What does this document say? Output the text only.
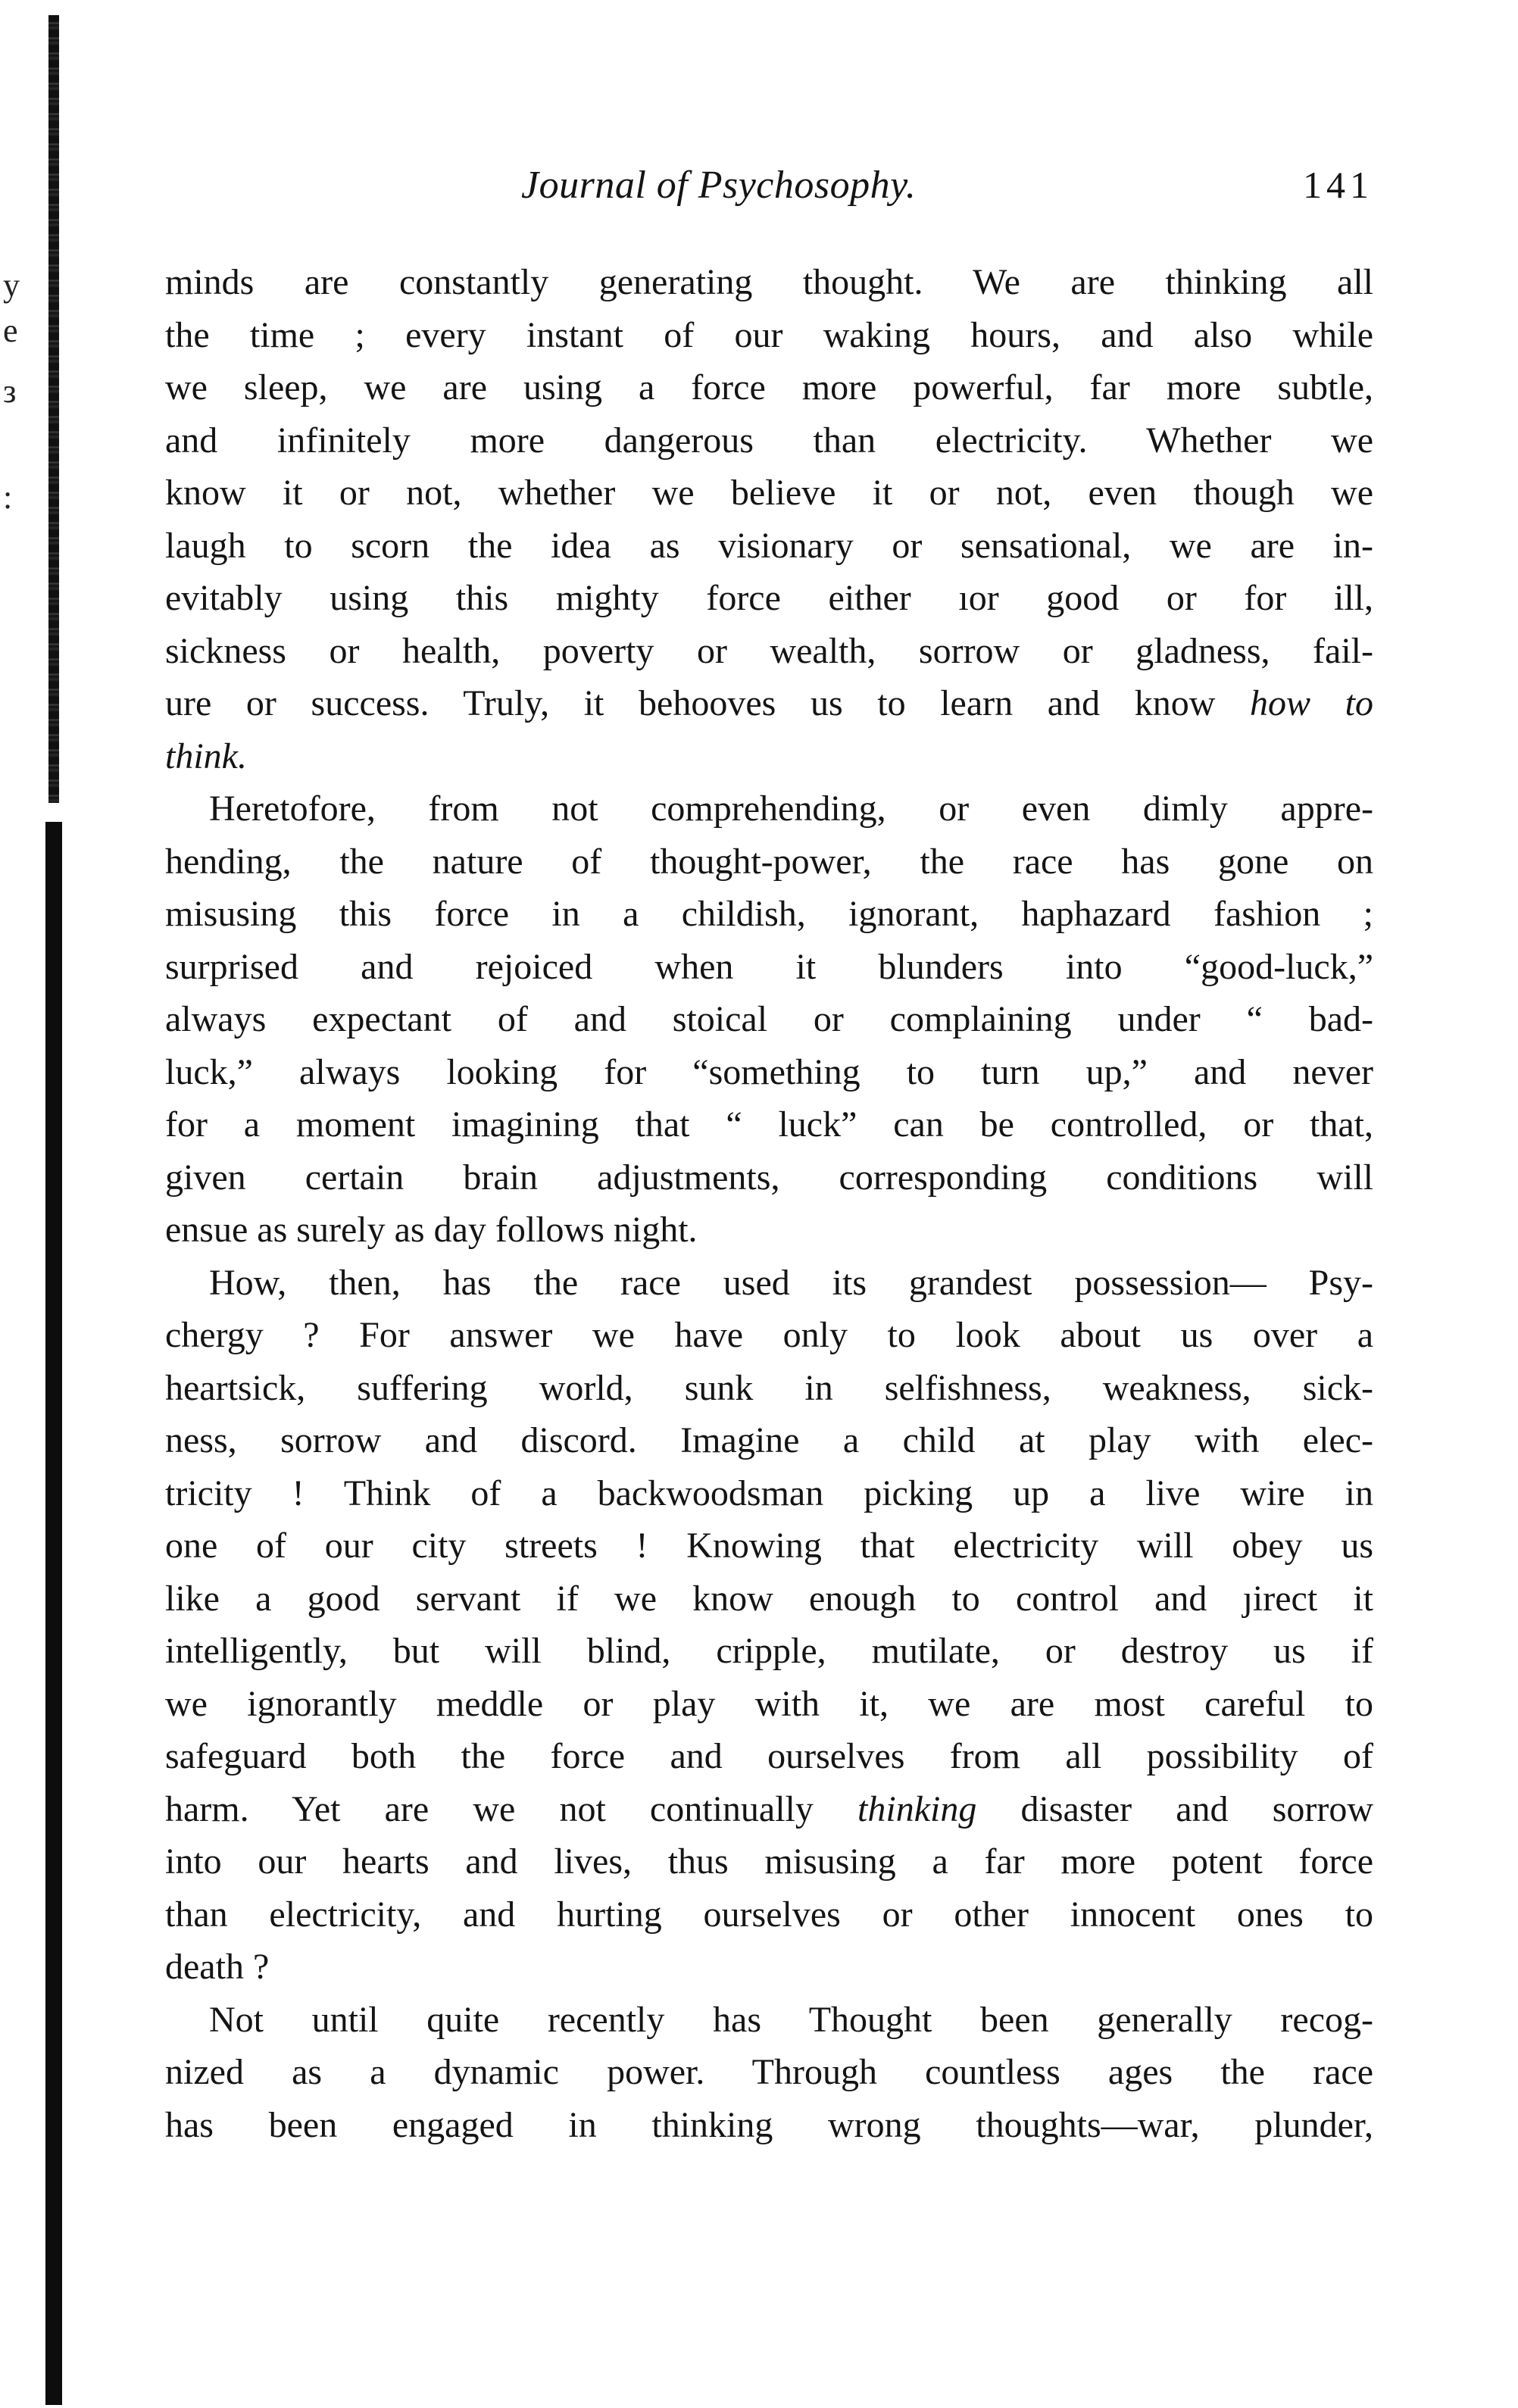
y
e
з
:
Journal of Psychosophy.	141
minds are constantly generating thought. We are thinking all
the time ; every instant of our waking hours, and also while
we sleep, we are using a force more powerful, far more subtle,
and infinitely more dangerous than electricity. Whether we
know it or not, whether we believe it or not, even though we
laugh to scorn the idea as visionary or sensational, we are in-
evitably using this mighty force either ıor good or for ill,
sickness or health, poverty or wealth, sorrow or gladness, fail-
ure or success. Truly, it behooves us to learn and know how to
think.
Heretofore, from not comprehending, or even dimly appre-
hending, the nature of thought-power, the race has gone on
misusing this force in a childish, ignorant, haphazard fashion ;
surprised and rejoiced when it blunders into “good-luck,”
always expectant of and stoical or complaining under “ bad-
luck,” always looking for “something to turn up,” and never
for a moment imagining that “ luck” can be controlled, or that,
given certain brain adjustments, corresponding conditions will
ensue as surely as day follows night.
How, then, has the race used its grandest possession— Psy-
chergy ? For answer we have only to look about us over a
heartsick, suffering world, sunk in selfishness, weakness, sick-
ness, sorrow and discord. Imagine a child at play with elec-
tricity ! Think of a backwoodsman picking up a live wire in
one of our city streets ! Knowing that electricity will obey us
like a good servant if we know enough to control and ȷirect it
intelligently, but will blind, cripple, mutilate, or destroy us if
we ignorantly meddle or play with it, we are most careful to
safeguard both the force and ourselves from all possibility of
harm. Yet are we not continually thinking disaster and sorrow
into our hearts and lives, thus misusing a far more potent force
than electricity, and hurting ourselves or other innocent ones to
death ?
Not until quite recently has Thought been generally recog-
nized as a dynamic power. Through countless ages the race
has been engaged in thinking wrong thoughts—war, plunder,
